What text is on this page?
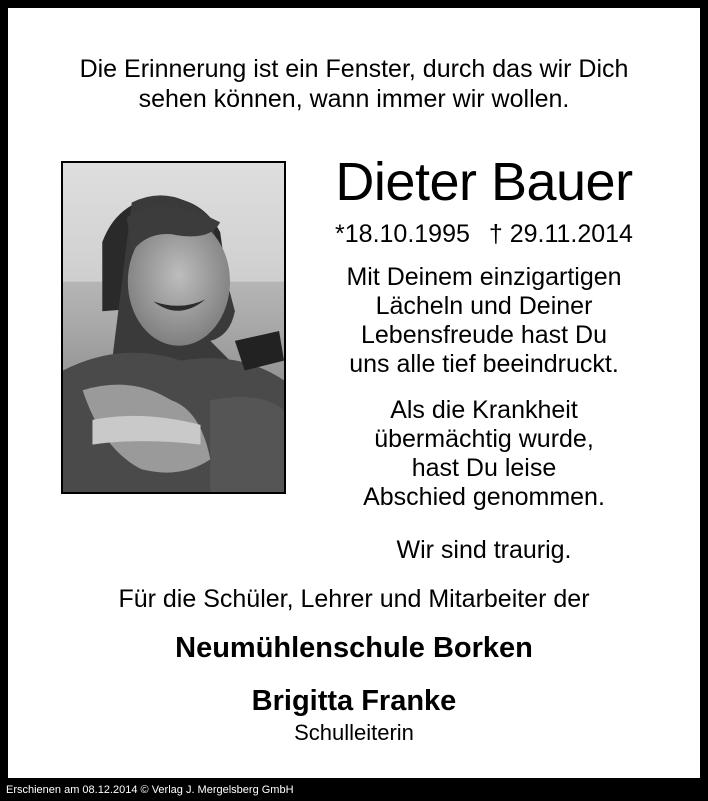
Die Erinnerung ist ein Fenster, durch das wir Dich
sehen können, wann immer wir wollen.
Dieter Bauer
*18.10.1995 † 29.11.2014
Mit Deinem einzigartigen
Lächeln und Deiner
Lebensfreude hast Du
uns alle tief beeindruckt.
Als die Krankheit
übermächtig wurde,
hast Du leise
Abschied genommen.
Wir sind traurig.
Für die Schüler, Lehrer und Mitarbeiter der
Neumühlenschule Borken
Brigitta Franke
Schulleiterin
Erschienen am 08.12.2014 © Verlag J. Mergelsberg GmbH
